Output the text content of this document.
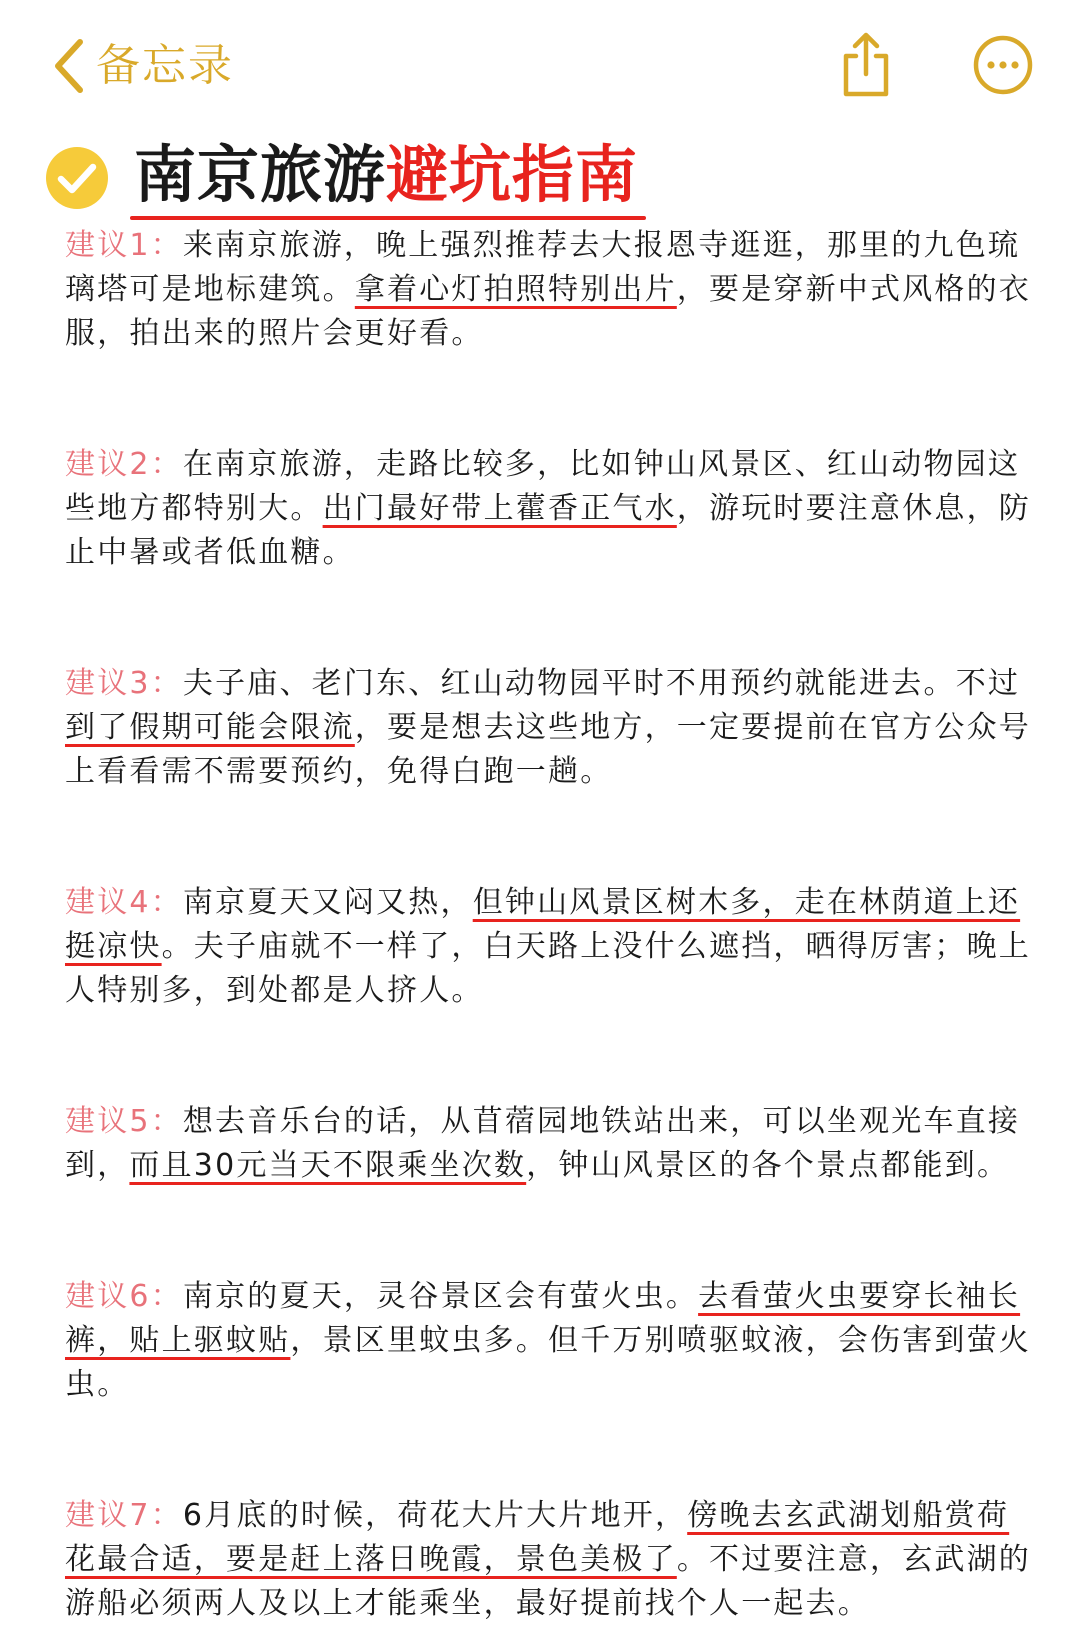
备忘录
南京旅游避坑指南

建议1：来南京旅游，晚上强烈推荐去大报恩寺逛逛，那里的九色琉璃塔可是地标建筑。拿着心灯拍照特别出片，要是穿新中式风格的衣服，拍出来的照片会更好看。

建议2：在南京旅游，走路比较多，比如钟山风景区、红山动物园这些地方都特别大。出门最好带上藿香正气水，游玩时要注意休息，防止中暑或者低血糖。

建议3：夫子庙、老门东、红山动物园平时不用预约就能进去。不过到了假期可能会限流，要是想去这些地方，一定要提前在官方公众号上看看需不需要预约，免得白跑一趟。

建议4：南京夏天又闷又热，但钟山风景区树木多，走在林荫道上还挺凉快。夫子庙就不一样了，白天路上没什么遮挡，晒得厉害；晚上人特别多，到处都是人挤人。

建议5：想去音乐台的话，从苜蓿园地铁站出来，可以坐观光车直接到，而且30元当天不限乘坐次数，钟山风景区的各个景点都能到。

建议6：南京的夏天，灵谷景区会有萤火虫。去看萤火虫要穿长袖长裤，贴上驱蚊贴，景区里蚊虫多。但千万别喷驱蚊液，会伤害到萤火虫。

建议7：6月底的时候，荷花大片大片地开，傍晚去玄武湖划船赏荷花最合适，要是赶上落日晚霞，景色美极了。不过要注意，玄武湖的游船必须两人及以上才能乘坐，最好提前找个人一起去。
